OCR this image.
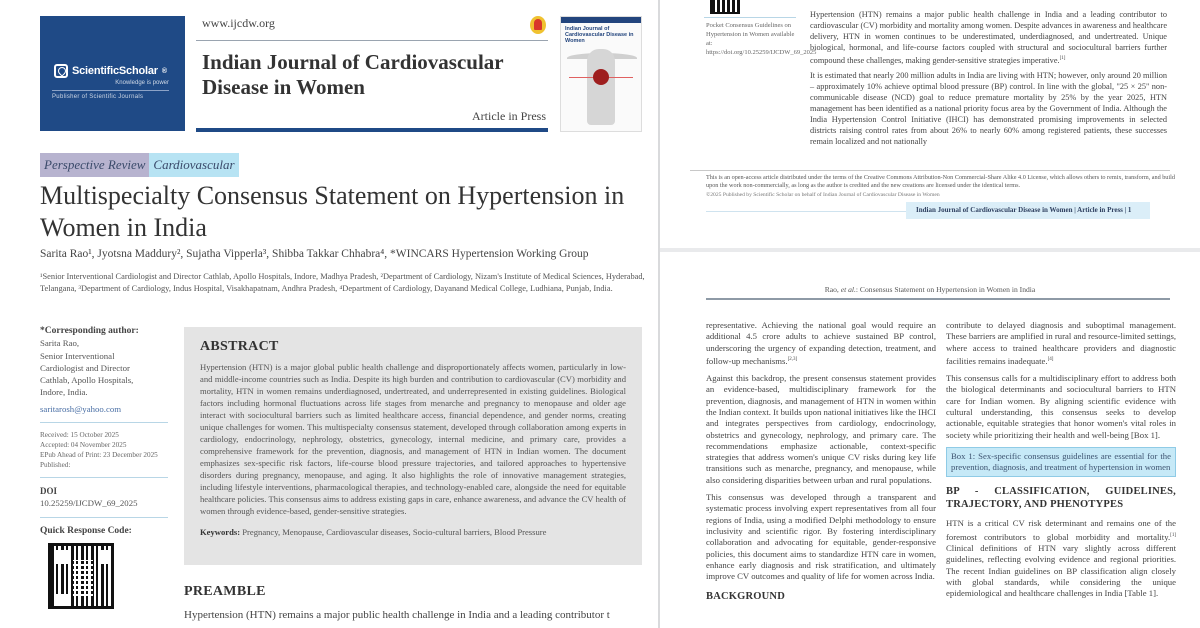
ScientificScholar ®
Knowledge is power
Publisher of Scientific Journals
www.ijcdw.org
Indian Journal of Cardiovascular Disease in Women
Article in Press
Indian Journal of Cardiovascular Disease in Women
Perspective Review Cardiovascular
Multispecialty Consensus Statement on Hypertension in Women in India
Sarita Rao¹, Jyotsna Maddury², Sujatha Vipperla³, Shibba Takkar Chhabra⁴, *WINCARS Hypertension Working Group
¹Senior Interventional Cardiologist and Director Cathlab, Apollo Hospitals, Indore, Madhya Pradesh, ²Department of Cardiology, Nizam's Institute of Medical Sciences, Hyderabad, Telangana, ³Department of Cardiology, Indus Hospital, Visakhapatnam, Andhra Pradesh, ⁴Department of Cardiology, Dayanand Medical College, Ludhiana, Punjab, India.
*Corresponding author:
Sarita Rao,
Senior Interventional
Cardiologist and Director
Cathlab, Apollo Hospitals,
Indore, India.
saritarosh@yahoo.com
Received: 15 October 2025
Accepted: 04 November 2025
EPub Ahead of Print: 23 December 2025
Published:
DOI
10.25259/IJCDW_69_2025
Quick Response Code:
ABSTRACT
Hypertension (HTN) is a major global public health challenge and disproportionately affects women, particularly in low- and middle-income countries such as India. Despite its high burden and contribution to cardiovascular (CV) morbidity and mortality, HTN in women remains underdiagnosed, undertreated, and underrepresented in existing guidelines. Biological factors including hormonal fluctuations across life stages from menarche and pregnancy to menopause and older age interact with sociocultural barriers such as limited healthcare access, financial dependence, and gender norms, creating unique challenges for women. This multispecialty consensus statement, developed through collaboration among experts in cardiology, endocrinology, nephrology, obstetrics, gynecology, internal medicine, and primary care, provides a comprehensive framework for the prevention, diagnosis, and management of HTN in Indian women. The document emphasizes sex-specific risk factors, life-course blood pressure trajectories, and tailored approaches to hypertensive disorders during pregnancy, menopause, and aging. It also highlights the role of innovative management strategies, including lifestyle interventions, pharmacological therapies, and technology-enabled care, alongside the need for equitable healthcare policies. This consensus aims to address existing gaps in care, enhance awareness, and advance the CV health of women through evidence-based, gender-sensitive strategies.
Keywords: Pregnancy, Menopause, Cardiovascular diseases, Socio-cultural barriers, Blood Pressure
PREAMBLE
Hypertension (HTN) remains a major public health challenge in India and a leading contributor t
Pocket Consensus Guidelines on Hypertension in Women available at: https://doi.org/10.25259/IJCDW_69_2025

Hypertension (HTN) remains a major public health challenge in India and a leading contributor to cardiovascular (CV) morbidity and mortality among women. Despite advances in awareness and healthcare delivery, HTN in women continues to be underestimated, underdiagnosed, and undertreated. Unique biological, hormonal, and life-course factors coupled with structural and sociocultural barriers further compound these challenges, making gender-sensitive strategies imperative.[1]

It is estimated that nearly 200 million adults in India are living with HTN; however, only around 20 million – approximately 10% achieve optimal blood pressure (BP) control. In line with the global, "25 × 25" non-communicable disease (NCD) goal to reduce premature mortality by 25% by the year 2025, HTN management has been identified as a national priority focus area by the Government of India. Although the India Hypertension Control Initiative (IHCI) has demonstrated promising improvements in selected districts raising control rates from about 26% to nearly 60% among registered patients, these successes remain localized and not nationally

This is an open-access article distributed under the terms of the Creative Commons Attribution-Non Commercial-Share Alike 4.0 License, which allows others to remix, transform, and build upon the work non-commercially, as long as the author is credited and the new creations are licensed under the identical terms.
©2025 Published by Scientific Scholar on behalf of Indian Journal of Cardiovascular Disease in Women
Indian Journal of Cardiovascular Disease in Women | Article in Press | 1
Rao, et al.: Consensus Statement on Hypertension in Women in India

representative. Achieving the national goal would require an additional 4.5 crore adults to achieve sustained BP control, underscoring the urgency of expanding detection, treatment, and follow-up mechanisms.[2,3]

Against this backdrop, the present consensus statement provides an evidence-based, multidisciplinary framework for the prevention, diagnosis, and management of HTN in women within the Indian context. It builds upon national initiatives like the IHCI and integrates perspectives from cardiology, endocrinology, obstetrics and gynecology, nephrology, and primary care. The recommendations emphasize actionable, context-specific strategies that address women's unique CV risks during key life transitions such as menarche, pregnancy, and menopause, while also considering disparities between urban and rural populations.

This consensus was developed through a transparent and systematic process involving expert representatives from all four regions of India, using a modified Delphi methodology to ensure inclusivity and scientific rigor. By fostering interdisciplinary collaboration and advocating for equitable, gender-responsive policies, this document aims to standardize HTN care in women, enhance early diagnosis and risk stratification, and ultimately improve CV outcomes and quality of life for women across India.

BACKGROUND

contribute to delayed diagnosis and suboptimal management. These barriers are amplified in rural and resource-limited settings, where access to trained healthcare providers and diagnostic facilities remains inadequate.[4]

This consensus calls for a multidisciplinary effort to address both the biological determinants and sociocultural barriers to HTN care for Indian women. By aligning scientific evidence with cultural understanding, this consensus seeks to develop actionable, equitable strategies that honor women's vital roles in society while prioritizing their health and well-being [Box 1].

Box 1: Sex-specific consensus guidelines are essential for the prevention, diagnosis, and treatment of hypertension in women
BP - CLASSIFICATION, GUIDELINES, TRAJECTORY, AND PHENOTYPES

HTN is a critical CV risk determinant and remains one of the foremost contributors to global morbidity and mortality.[1] Clinical definitions of HTN vary slightly across different guidelines, reflecting evolving evidence and regional priorities. The recent Indian guidelines on BP classification align closely with global standards, while considering the unique epidemiological and healthcare challenges in India [Table 1].
